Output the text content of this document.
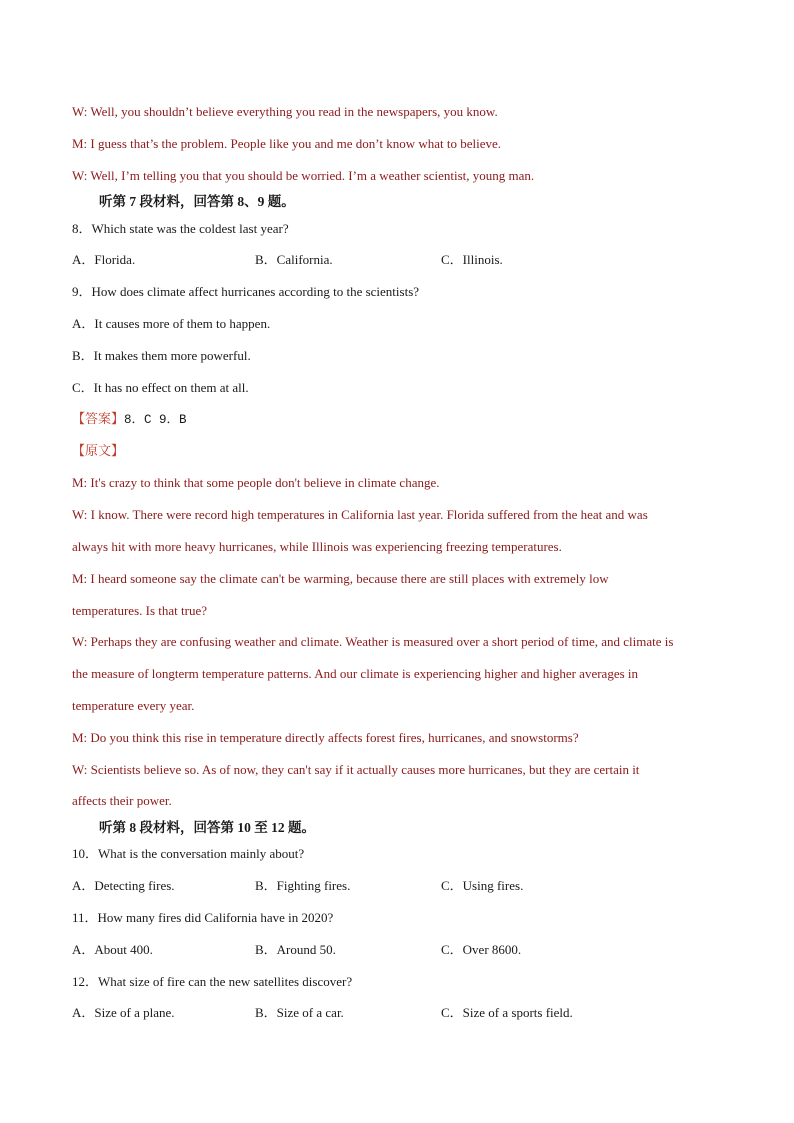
W: Well, you shouldn’t believe everything you read in the newspapers, you know.
M: I guess that’s the problem. People like you and me don’t know what to believe.
W: Well, I’m telling you that you should be worried. I’m a weather scientist, young man.
听第 7 段材料，回答第 8、9 题。
8．Which state was the coldest last year?
A．Florida.	B．California.	C．Illinois.
9．How does climate affect hurricanes according to the scientists?
A．It causes more of them to happen.
B．It makes them more powerful.
C．It has no effect on them at all.
【答案】8．C 9．B
【原文】
M: It's crazy to think that some people don't believe in climate change.
W: I know. There were record high temperatures in California last year. Florida suffered from the heat and was
always hit with more heavy hurricanes, while Illinois was experiencing freezing temperatures.
M: I heard someone say the climate can't be warming, because there are still places with extremely low
temperatures. Is that true?
W: Perhaps they are confusing weather and climate. Weather is measured over a short period of time, and climate is
the measure of longterm temperature patterns. And our climate is experiencing higher and higher averages in
temperature every year.
M: Do you think this rise in temperature directly affects forest fires, hurricanes, and snowstorms?
W: Scientists believe so. As of now, they can't say if it actually causes more hurricanes, but they are certain it
affects their power.
听第 8 段材料，回答第 10 至 12 题。
10．What is the conversation mainly about?
A．Detecting fires.	B．Fighting fires.	C．Using fires.
11．How many fires did California have in 2020?
A．About 400.	B．Around 50.	C．Over 8600.
12．What size of fire can the new satellites discover?
A．Size of a plane.	B．Size of a car.	C．Size of a sports field.
